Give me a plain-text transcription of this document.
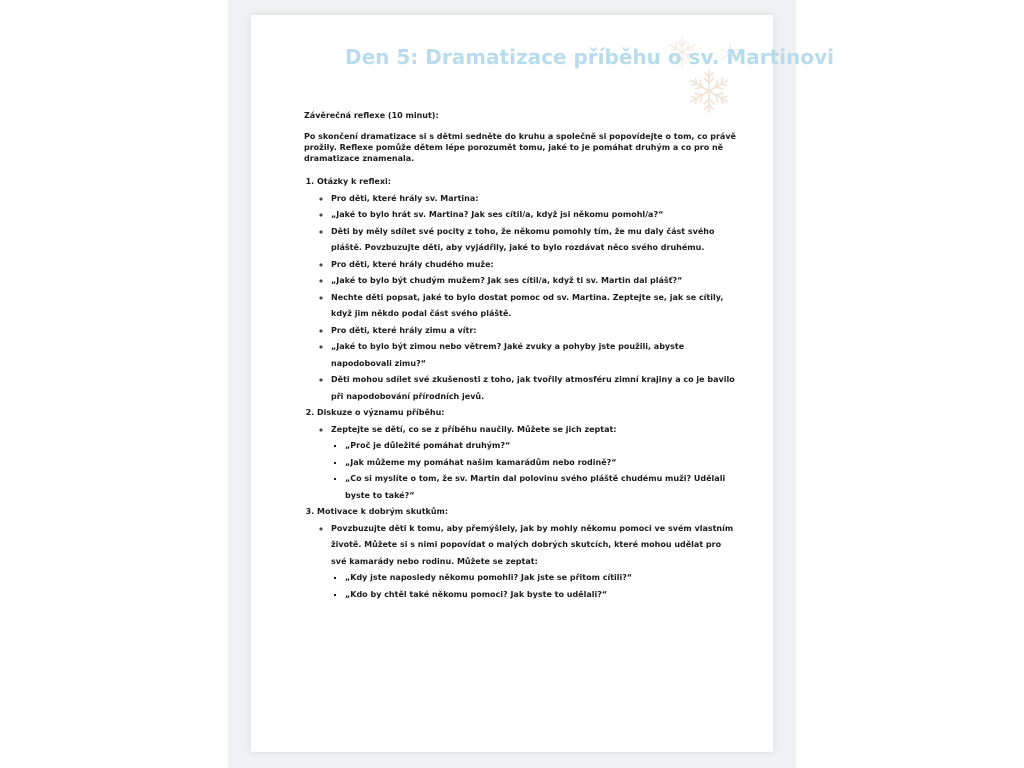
Den 5: Dramatizace příběhu o sv. Martinovi

Závěrečná reflexe (10 minut):

Po skončení dramatizace si s dětmi sedněte do kruhu a společně si popovídejte o tom, co právě prožily. Reflexe pomůže dětem lépe porozumět tomu, jaké to je pomáhat druhým a co pro ně dramatizace znamenala.

1. Otázky k reflexi:
◦ Pro děti, které hrály sv. Martina:
◦ „Jaké to bylo hrát sv. Martina? Jak ses cítil/a, když jsi někomu pomohl/a?“
◦ Děti by měly sdílet své pocity z toho, že někomu pomohly tím, že mu daly část svého pláště. Povzbuzujte děti, aby vyjádřily, jaké to bylo rozdávat něco svého druhému.
◦ Pro děti, které hrály chudého muže:
◦ „Jaké to bylo být chudým mužem? Jak ses cítil/a, když ti sv. Martin dal plášť?“
◦ Nechte děti popsat, jaké to bylo dostat pomoc od sv. Martina. Zeptejte se, jak se cítily, když jim někdo podal část svého pláště.
◦ Pro děti, které hrály zimu a vítr:
◦ „Jaké to bylo být zimou nebo větrem? Jaké zvuky a pohyby jste použili, abyste napodobovali zimu?“
◦ Děti mohou sdílet své zkušenosti z toho, jak tvořily atmosféru zimní krajiny a co je bavilo při napodobování přírodních jevů.
2. Diskuze o významu příběhu:
◦ Zeptejte se dětí, co se z příběhu naučily. Můžete se jich zeptat:
▪ „Proč je důležité pomáhat druhým?“
▪ „Jak můžeme my pomáhat našim kamarádům nebo rodině?“
▪ „Co si myslíte o tom, že sv. Martin dal polovinu svého pláště chudému muži? Udělali byste to také?“
3. Motivace k dobrým skutkům:
◦ Povzbuzujte děti k tomu, aby přemýšlely, jak by mohly někomu pomoci ve svém vlastním životě. Můžete si s nimi popovídat o malých dobrých skutcích, které mohou udělat pro své kamarády nebo rodinu. Můžete se zeptat:
▪ „Kdy jste naposledy někomu pomohli? Jak jste se přitom cítili?“
▪ „Kdo by chtěl také někomu pomoci? Jak byste to udělali?“
